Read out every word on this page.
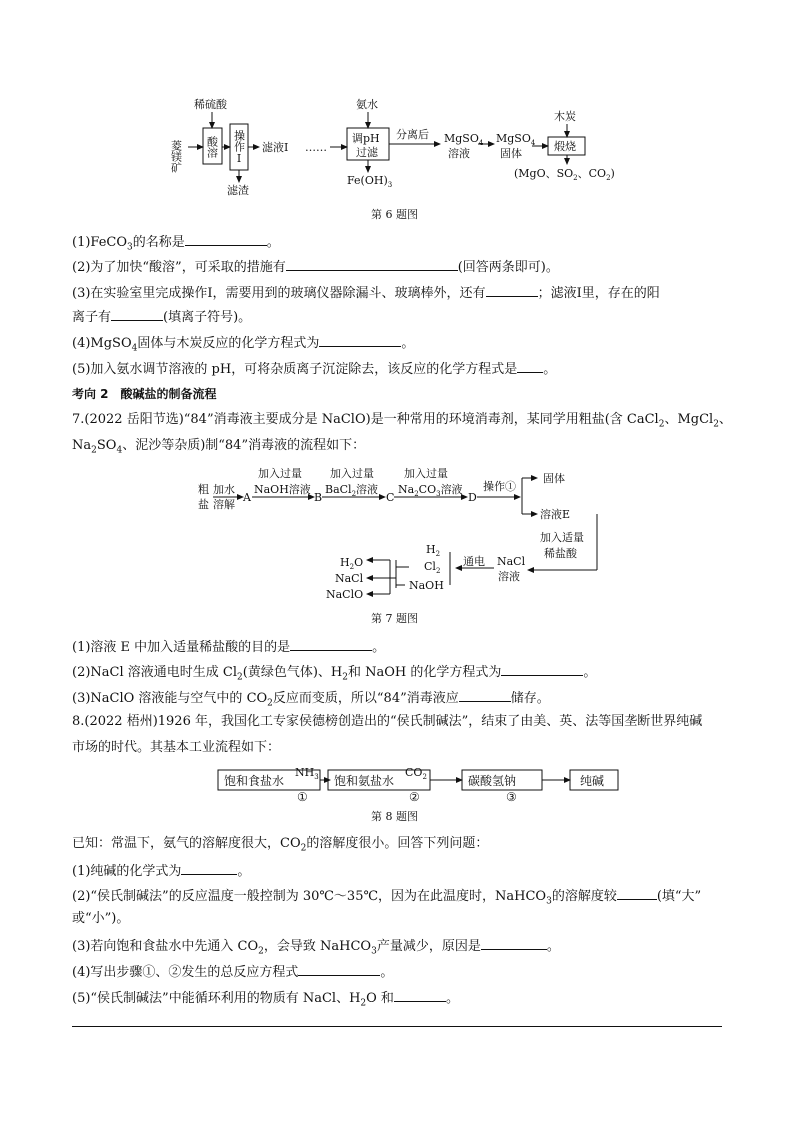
菱镁矿
稀硫酸
酸溶 操作Ⅰ
滤渣
滤液Ⅰ ……
氨水
调pH
过滤
$Fe(OH)_3$
分离后 MgSO$_4$
溶液
MgSO$_4$
固体
木炭
煅烧
(MgO、$SO_2$、$CO_2$)
粗
盐
加水
溶解
A
加入过量
NaOH溶液
B
加入过量
BaCl$_2$溶液
C
加入过量
$Na_2CO_3$溶液
D
操作①
固体
溶液E
加入适量
稀盐酸
NaCl
溶液
通电
$H_2$
$Cl_2$
NaOH
$H_2O$
NaCl
NaClO
饱和食盐水
$NH_3$
①
饱和氨盐水
$CO_2$
②
碳酸氢钠
③
纯碱
第 6 题图
(1)FeCO$_3$的名称是	。
(2)为了加快“酸溶”，可采取的措施有	(回答两条即可)。
(3)在实验室里完成操作Ⅰ，需要用到的玻璃仪器除漏斗、玻璃棒外，还有	；滤液Ⅰ里，存在的阳
离子有	(填离子符号)。
(4)MgSO$_4$固体与木炭反应的化学方程式为	。
(5)加入氨水调节溶液的 pH，可将杂质离子沉淀除去，该反应的化学方程式是 。
考向 2　酸碱盐的制备流程
7.(2022 岳阳节选)“84”消毒液主要成分是 NaClO)是一种常用的环境消毒剂，某同学用粗盐(含 CaCl$_2$、MgCl$_2$、
$Na_2SO_4$、泥沙等杂质)制“84”消毒液的流程如下：
第 7 题图
(1)溶液 E 中加入适量稀盐酸的目的是	。
(2)NaCl 溶液通电时生成 $Cl_2$(黄绿色气体)、$H_2$和 NaOH 的化学方程式为	。
(3)NaClO 溶液能与空气中的 $CO_2$反应而变质，所以“84”消毒液应	储存。
8.(2022 梧州)1926 年，我国化工专家侯德榜创造出的“侯氏制碱法”，结束了由美、英、法等国垄断世界纯碱
市场的时代。其基本工业流程如下：
第 8 题图
已知：常温下，氨气的溶解度很大，$CO_2$的溶解度很小。回答下列问题：
(1)纯碱的化学式为	。
(2)“侯氏制碱法”的反应温度一般控制为 30℃～35℃，因为在此温度时，NaHCO$_3$的溶解度较	(填“大”
或“小”)。
(3)若向饱和食盐水中先通入 $CO_2$，会导致 NaHCO$_3$产量减少，原因是	。
(4)写出步骤①、②发生的总反应方程式	。
(5)“侯氏制碱法”中能循环利用的物质有 NaCl、$H_2O$ 和	。
